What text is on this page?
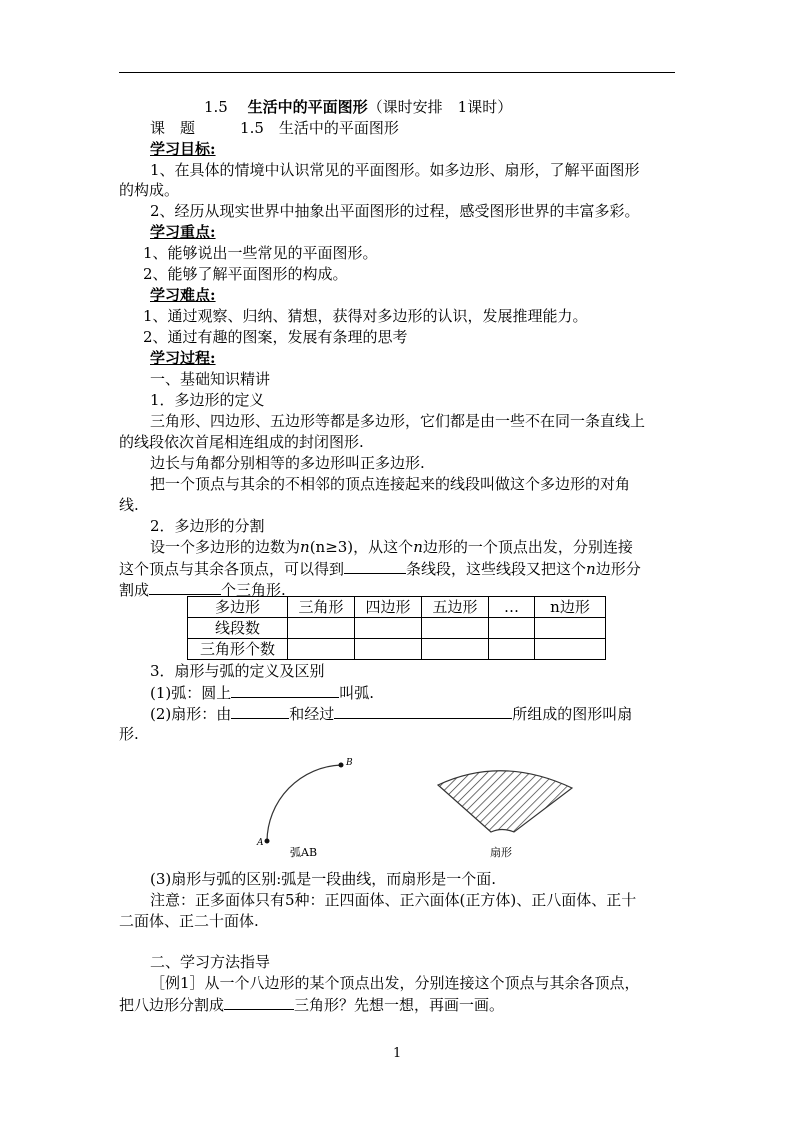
1.5　 生活中的平面图形（课时安排　1课时）
课　题　　　	1.5　生活中的平面图形
学习目标:
1、在具体的情境中认识常见的平面图形。如多边形、扇形，了解平面图形
的构成。
2、经历从现实世界中抽象出平面图形的过程，感受图形世界的丰富多彩。
学习重点:
1、能够说出一些常见的平面图形。
2、能够了解平面图形的构成。
学习难点:
1、通过观察、归纳、猜想，获得对多边形的认识，发展推理能力。
2、通过有趣的图案，发展有条理的思考
学习过程:
一、基础知识精讲
1．多边形的定义
三角形、四边形、五边形等都是多边形，它们都是由一些不在同一条直线上
的线段依次首尾相连组成的封闭图形.
边长与角都分别相等的多边形叫正多边形.
把一个顶点与其余的不相邻的顶点连接起来的线段叫做这个多边形的对角
线.
2．多边形的分割
设一个多边形的边数为n(n≥3)，从这个n边形的一个顶点出发，分别连接
这个顶点与其余各顶点，可以得到	条线段，这些线段又把这个n边形分
割成	个三角形.
多边形	三角形	四边形	五边形	…	n边形
线段数					
三角形个数					
3．扇形与弧的定义及区别
(1)弧：圆上	叫弧.
(2)扇形：由	和经过	所组成的图形叫扇
形.
A
B
弧AB	扇形
(3)扇形与弧的区别:弧是一段曲线，而扇形是一个面.
注意：正多面体只有5种：正四面体、正六面体(正方体)、正八面体、正十
二面体、正二十面体.
二、学习方法指导
［例1］从一个八边形的某个顶点出发，分别连接这个顶点与其余各顶点，
把八边形分割成	三角形？先想一想，再画一画。
1
